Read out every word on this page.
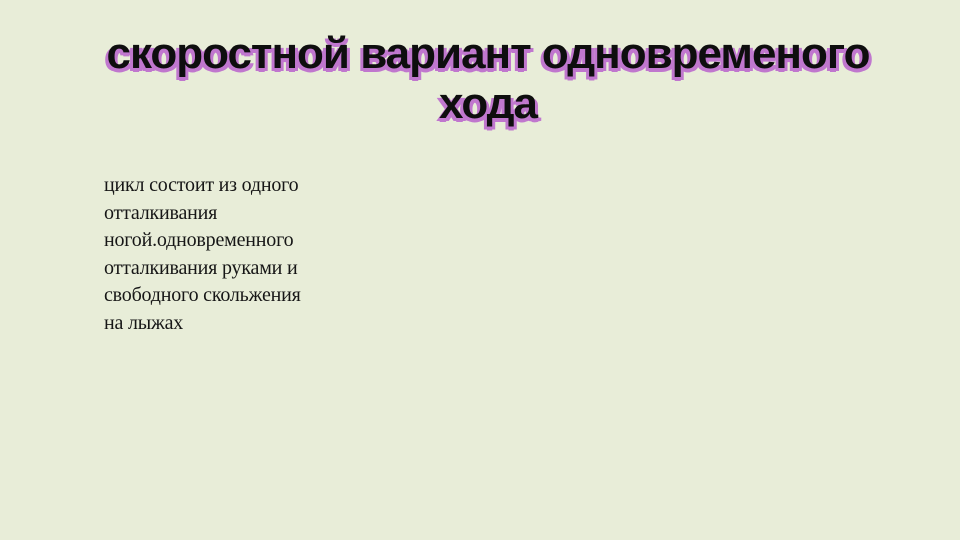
скоростной вариант одновременого
хода
цикл состоит из одного
отталкивания
ногой.одновременного
отталкивания руками и
свободного скольжения
на лыжах
